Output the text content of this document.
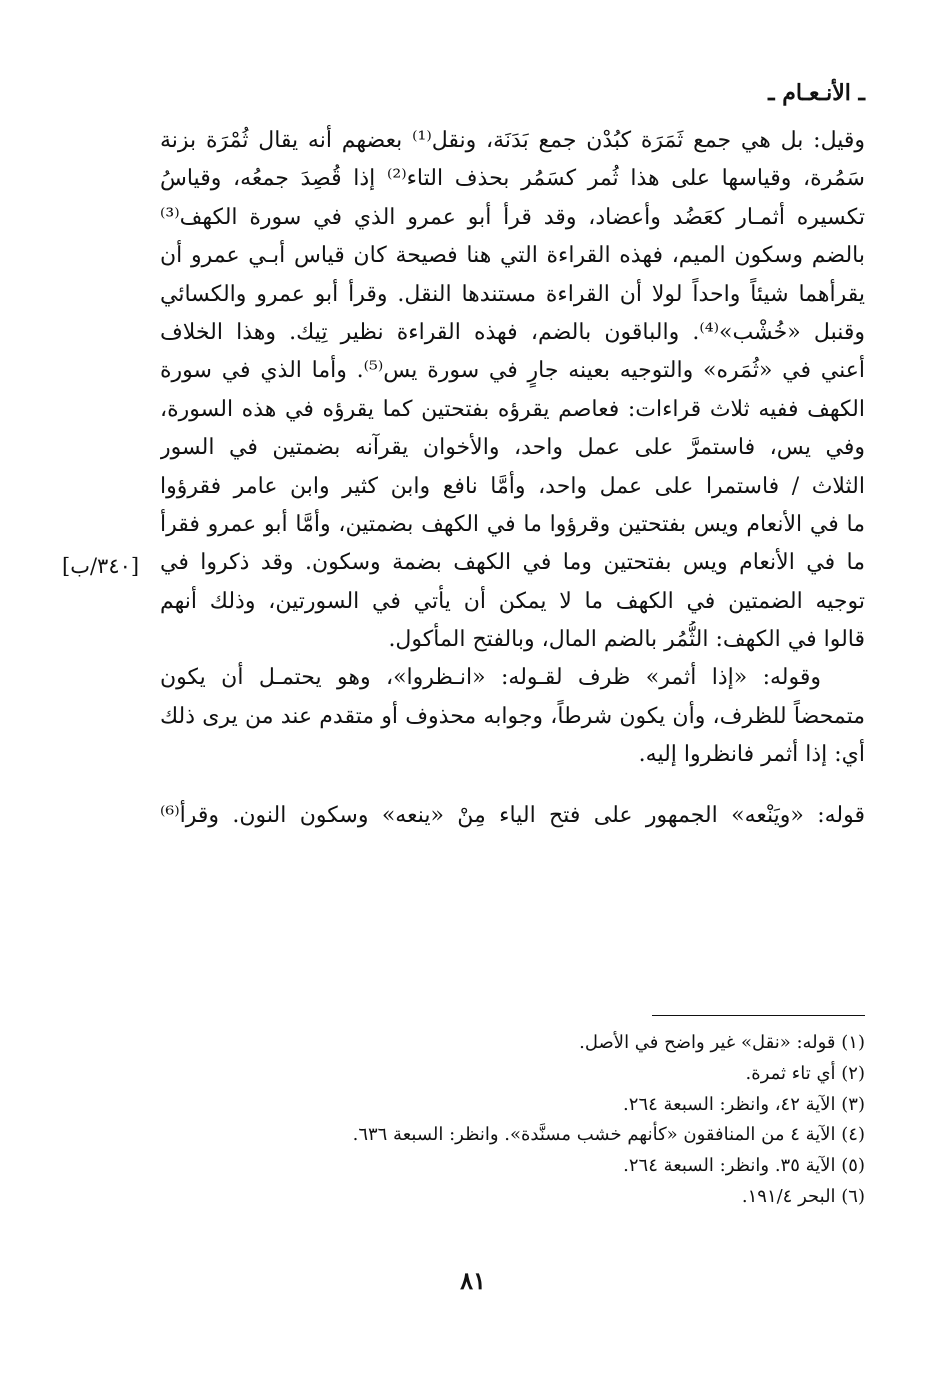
ـ الأنـعـام ـ
وقيل: بل هي جمع ثَمَرَة كبُدْن جمع بَدَنَة، ونقل⁽¹⁾ بعضهم أنه يقال ثُمْرَة بزنة
سَمُرة، وقياسها على هذا ثُمر كسَمُر بحذف التاء⁽²⁾ إذا قُصِدَ جمعُه، وقياسُ
تكسيره أثمـار كعَضُد وأعضاد، وقد قرأ أبو عمرو الذي في سورة الكهف⁽³⁾
بالضم وسكون الميم، فهذه القراءة التي هنا فصيحة كان قياس أبـي عمرو أن
يقرأهما شيئاً واحداً لولا أن القراءة مستندها النقل. وقرأ أبو عمرو والكسائي
وقنبل «خُشْب»⁽⁴⁾. والباقون بالضم، فهذه القراءة نظير تِيك. وهذا الخلاف
أعني في «ثُمَره» والتوجيه بعينه جارٍ في سورة يس⁽⁵⁾. وأما الذي في سورة
الكهف ففيه ثلاث قراءات: فعاصم يقرؤه بفتحتين كما يقرؤه في هذه السورة،
وفي يس، فاستمرَّ على عمل واحد، والأخوان يقرآنه بضمتين في السور
الثلاث / فاستمرا على عمل واحد، وأمَّا نافع وابن كثير وابن عامر فقرؤوا
ما في الأنعام ويس بفتحتين وقرؤوا ما في الكهف بضمتين، وأمَّا أبو عمرو فقرأ
ما في الأنعام ويس بفتحتين وما في الكهف بضمة وسكون. وقد ذكروا في
توجيه الضمتين في الكهف ما لا يمكن أن يأتي في السورتين، وذلك أنهم
قالوا في الكهف: الثُّمُر بالضم المال، وبالفتح المأكول.
وقوله: «إذا أثمر» ظرف لقـوله: «انـظروا»، وهو يحتمـل أن يكون
متمحضاً للظرف، وأن يكون شرطاً، وجوابه محذوف أو متقدم عند من يرى ذلك
أي: إذا أثمر فانظروا إليه.
قوله: «ويَنْعه» الجمهور على فتح الياء مِنْ «ينعه» وسكون النون. وقرأ⁽⁶⁾
[٣٤٠/ب]
(١) قوله: «نقل» غير واضح في الأصل.
(٢) أي تاء ثمرة.
(٣) الآية ٤٢، وانظر: السبعة ٢٦٤.
(٤) الآية ٤ من المنافقون «كأنهم خشب مسنَّدة». وانظر: السبعة ٦٣٦.
(٥) الآية ٣٥. وانظر: السبعة ٢٦٤.
(٦) البحر ١٩١/٤.
٨١
